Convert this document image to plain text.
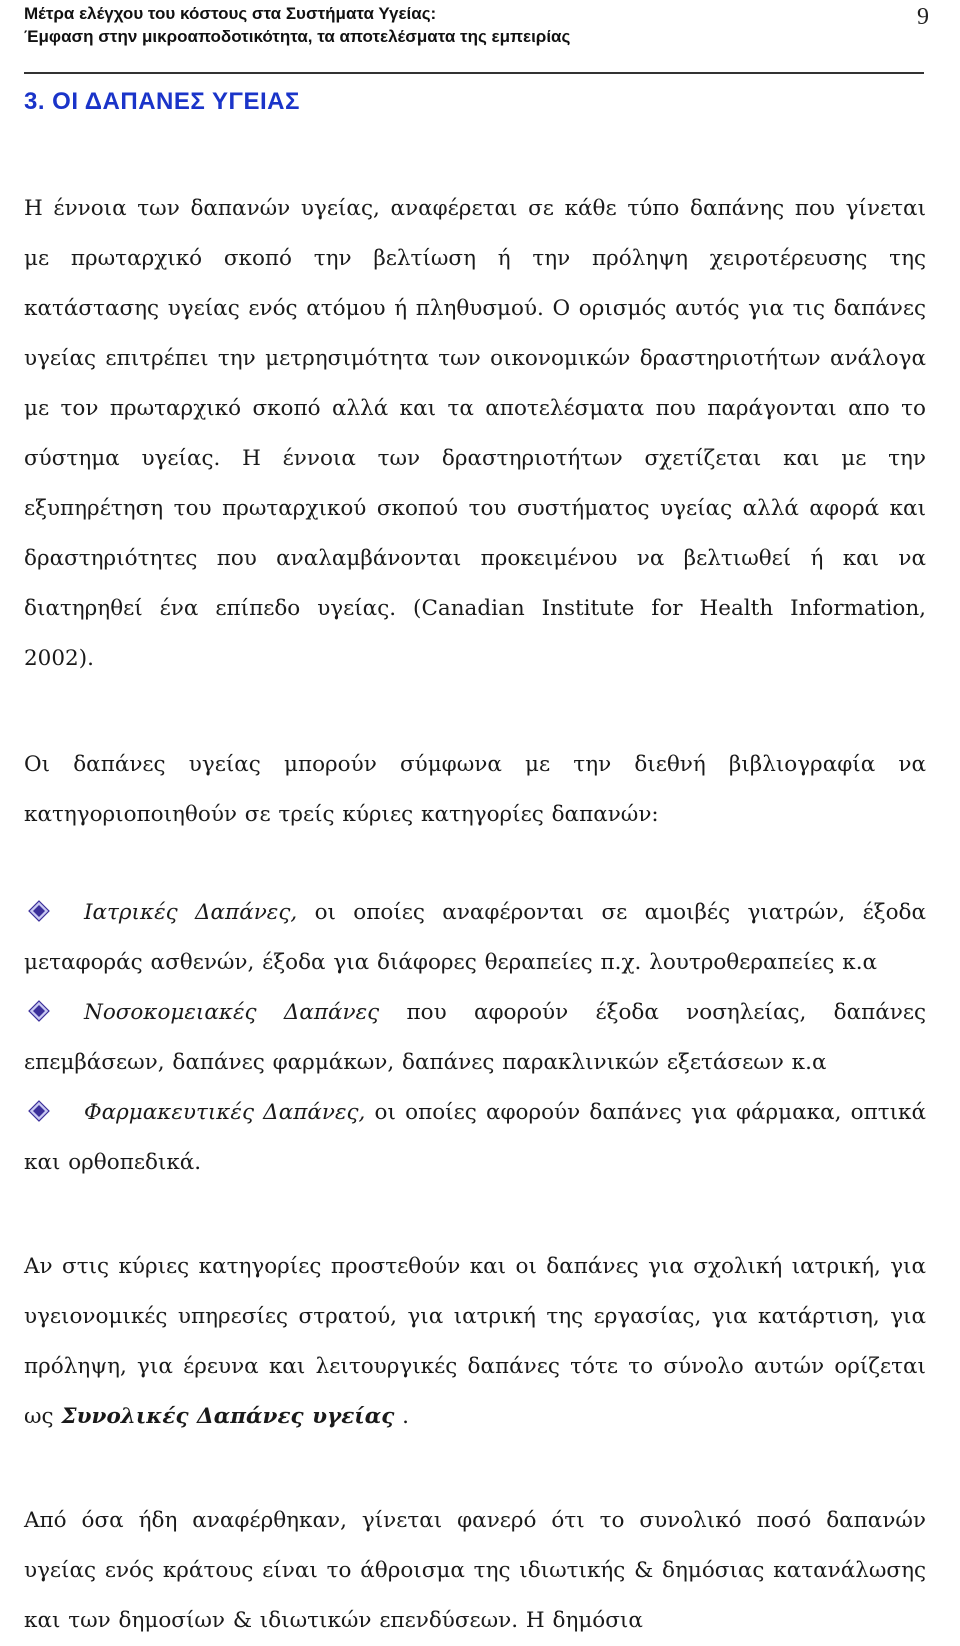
Μέτρα ελέγχου του κόστους στα Συστήματα Υγείας:
Έμφαση στην μικροαποδοτικότητα, τα αποτελέσματα της εμπειρίας
9
3. ΟΙ ΔΑΠΑΝΕΣ ΥΓΕΙΑΣ

Η έννοια των δαπανών υγείας, αναφέρεται σε κάθε τύπο δαπάνης που γίνεται με πρωταρχικό σκοπό την βελτίωση ή την πρόληψη χειροτέρευσης της κατάστασης υγείας ενός ατόμου ή πληθυσμού. Ο ορισμός αυτός για τις δαπάνες υγείας επιτρέπει την μετρησιμότητα των οικονομικών δραστηριοτήτων ανάλογα με τον πρωταρχικό σκοπό αλλά και τα αποτελέσματα που παράγονται απο το σύστημα υγείας. Η έννοια των δραστηριοτήτων σχετίζεται και με την εξυπηρέτηση του πρωταρχικού σκοπού του συστήματος υγείας αλλά αφορά και δραστηριότητες που αναλαμβάνονται προκειμένου να βελτιωθεί ή και να διατηρηθεί ένα επίπεδο υγείας. (Canadian Institute for Health Information, 2002).

Οι δαπάνες υγείας μπορούν σύμφωνα με την διεθνή βιβλιογραφία να κατηγοριοποιηθούν σε τρείς κύριες κατηγορίες δαπανών:

Ιατρικές Δαπάνες, οι οποίες αναφέρονται σε αμοιβές γιατρών, έξοδα μεταφοράς ασθενών, έξοδα για διάφορες θεραπείες π.χ. λουτροθεραπείες κ.α
Νοσοκομειακές Δαπάνες που αφορούν έξοδα νοσηλείας, δαπάνες επεμβάσεων, δαπάνες φαρμάκων, δαπάνες παρακλινικών εξετάσεων κ.α
Φαρμακευτικές Δαπάνες, οι οποίες αφορούν δαπάνες για φάρμακα, οπτικά και ορθοπεδικά.

Αν στις κύριες κατηγορίες προστεθούν και οι δαπάνες για σχολική ιατρική, για υγειονομικές υπηρεσίες στρατού, για ιατρική της εργασίας, για κατάρτιση, για πρόληψη, για έρευνα και λειτουργικές δαπάνες τότε το σύνολο αυτών ορίζεται ως Συνολικές Δαπάνες υγείας .

Από όσα ήδη αναφέρθηκαν, γίνεται φανερό ότι το συνολικό ποσό δαπανών υγείας ενός κράτους είναι το άθροισμα της ιδιωτικής & δημόσιας κατανάλωσης και των δημοσίων & ιδιωτικών επενδύσεων. Η δημόσια
